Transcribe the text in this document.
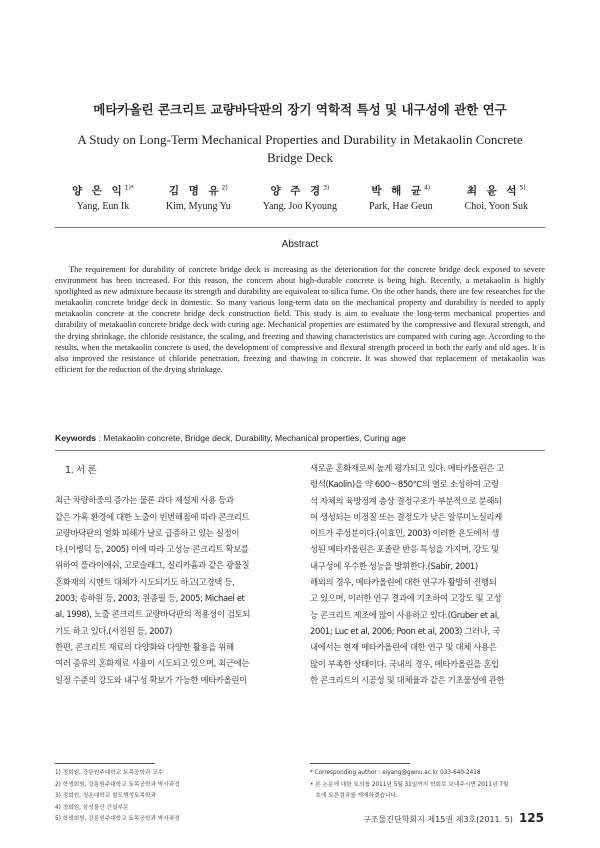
메타카올린 콘크리트 교량바닥판의 장기 역학적 특성 및 내구성에 관한 연구
A Study on Long-Term Mechanical Properties and Durability in Metakaolin Concrete Bridge Deck
양 은 익$^{1)*}$
Yang, Eun Ik
김 명 유$^{2)}$
Kim, Myung Yu
양 주 경$^{3)}$
Yang, Joo Kyoung
박 해 균$^{4)}$
Park, Hae Geun
최 윤 석$^{5)}$
Choi, Yoon Suk
Abstract

The requirement for durability of concrete bridge deck is increasing as the deterioration for the concrete bridge deck exposed to severe environment has been increased. For this reason, the concern about high-durable concrete is being high. Recently, a metakaolin is highly spotlighted as new admixture because its strength and durability are equivalent to silica fume. On the other hands, there are few researches for the metakaolin concrete bridge deck in domestic. So many various long-term data on the mechanical property and durability is needed to apply metakaolin concrete at the concrete bridge deck construction field. This study is aim to evaluate the long-term mechanical properties and durability of metakaolin concrete bridge deck with curing age. Mechanical properties are estimated by the compressive and flexural strength, and the drying shrinkage, the chloride resistance, the scaling, and freezing and thawing characteristics are compared with curing age. According to the results, when the metakaolin concrete is used, the development of compressive and flexural strength proceed in both the early and old ages. It is also improved the resistance of chloride penetration, freezing and thawing in concrete. It was showed that replacement of metakaolin was efficient for the reduction of the drying shrinkage.

Keywords : Metakaolin concrete, Bridge deck, Durability, Mechanical properties, Curing age
1. 서 론
최근 차량하중의 증가는 물론 과다 제설제 사용 등과
같은 가혹 환경에 대한 노출이 빈번해짐에 따라 콘크리트
교량바닥판의 열화 피해가 날로 급증하고 있는 실정이
다.(이병덕 등, 2005) 이에 따라 고성능 콘크리트 확보를
위하여 플라이애쉬, 고로슬래그, 실리카흄과 같은 광물질
혼화재의 시멘트 대체가 시도되기도 하고(고경택 등,
2003; 송하원 등, 2003; 원종필 등, 2005; Michael et
al, 1998), 노출 콘크리트 교량바닥판의 적용성이 검토되
기도 하고 있다.(서진원 등, 2007)
한편, 콘크리트 재료의 다양화와 다양한 활용을 위해
여러 종류의 혼화재료 사용이 시도되고 있으며, 최근에는
일정 수준의 강도와 내구성 확보가 가능한 메타카올린이
새로운 혼화재로써 높게 평가되고 있다. 메타카올린은 고
령석(Kaolin)을 약 600～850℃의 열로 소성하여 고령
석 자체의 육방정계 층상 결정구조가 부분적으로 분해되
어 생성되는 비정질 또는 결정도가 낮은 알루미노실리케
이트가 주성분이다.(이효민, 2003) 이러한 온도에서 생
성된 메타카올린은 포졸란 반응 특성을 가지며, 강도 및
내구성에 우수한 성능을 발휘한다.(Sabir, 2001)
해외의 경우, 메타카올린에 대한 연구가 활발히 진행되
고 있으며, 이러한 연구 결과에 기초하여 고강도 및 고성
능 콘크리트 제조에 많이 사용하고 있다.(Gruber et al,
2001; Luc et al, 2006; Poon et al, 2003) 그러나, 국
내에서는 현재 메타카올린에 대한 연구 및 대체 사용은
많이 부족한 상태이다. 국내의 경우, 메타카올린을 혼입
한 콘크리트의 시공성 및 대체율과 같은 기초물성에 관한
1) 정회원, 강릉원주대학교 토목공학과 교수
2) 학생회원, 강릉원주대학교 토목공학과 박사과정
3) 정회원, 청운대학교 철도행정토목학과
4) 정회원, 삼성물산 건설부문
5) 학생회원, 강릉원주대학교 토목공학과 박사과정
* Corresponding author : eiyang@gwnu.ac.kr 033-640-2418
• 본 논문에 대한 토의를 2011년 5월 31일까지 학회로 보내주시면 2011년 7월
호에 토론결과를 게재하겠습니다.
구조물진단학회지 제15권 제3호(2011. 5) 125
